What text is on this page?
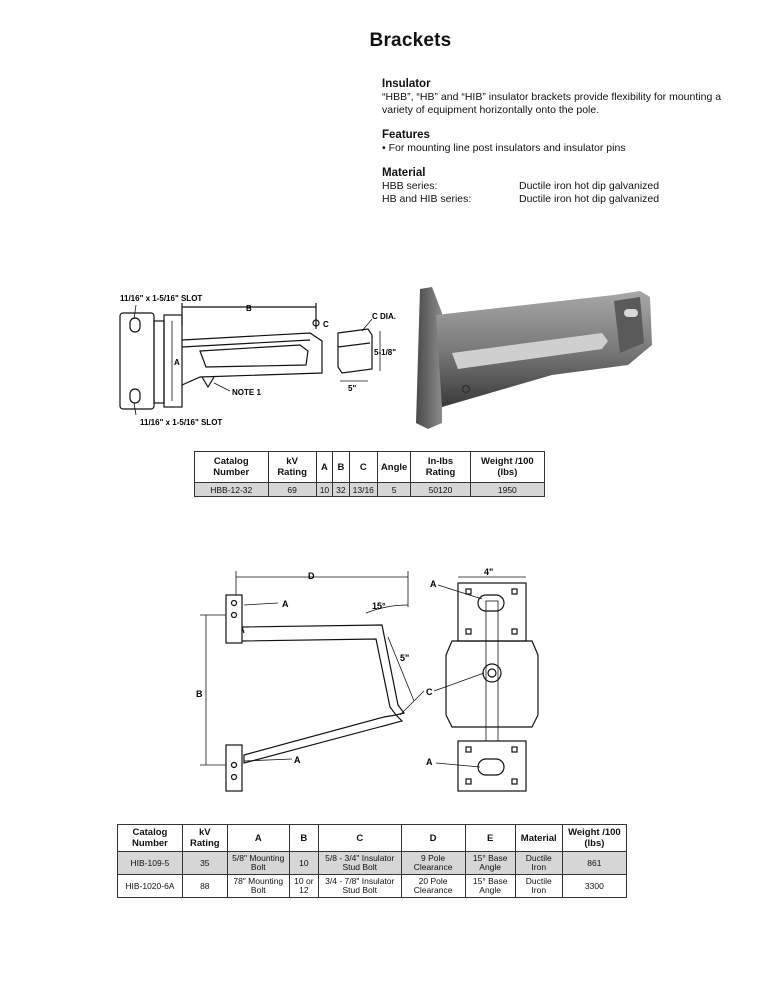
Brackets
Insulator

“HBB”, “HB” and “HIB” insulator brackets provide flexibility for mounting a variety of equipment horizontally onto the pole.

Features

• For mounting line post insulators and insulator pins

Material
HBB series:	Ductile iron hot dip galvanized
HB and HIB series:	Ductile iron hot dip galvanized
11/16" x 1-5/16" SLOT
11/16" x 1-5/16" SLOT
B
A
C
NOTE 1
C DIA.
5-1/8"
5"
Catalog Number	kV Rating	A	B	C	Angle	In-lbs Rating	Weight /100 (lbs)
HBB-12-32	69	10	32	13/16	5	50120	1950
D
B
A
A
15°
5"
C
4"
A
A
Catalog Number	kV Rating	A	B	C	D	E	Material	Weight /100 (lbs)
HIB-109-5	35	5/8" Mounting Bolt	10	5/8 - 3/4" Insulator Stud Bolt	9 Pole Clearance	15° Base Angle	Ductile Iron	861
HIB-1020-6A	88	78" Mounting Bolt	10 or 12	3/4 - 7/8" Insulator Stud Bolt	20 Pole Clearance	15° Base Angle	Ductile Iron	3300
